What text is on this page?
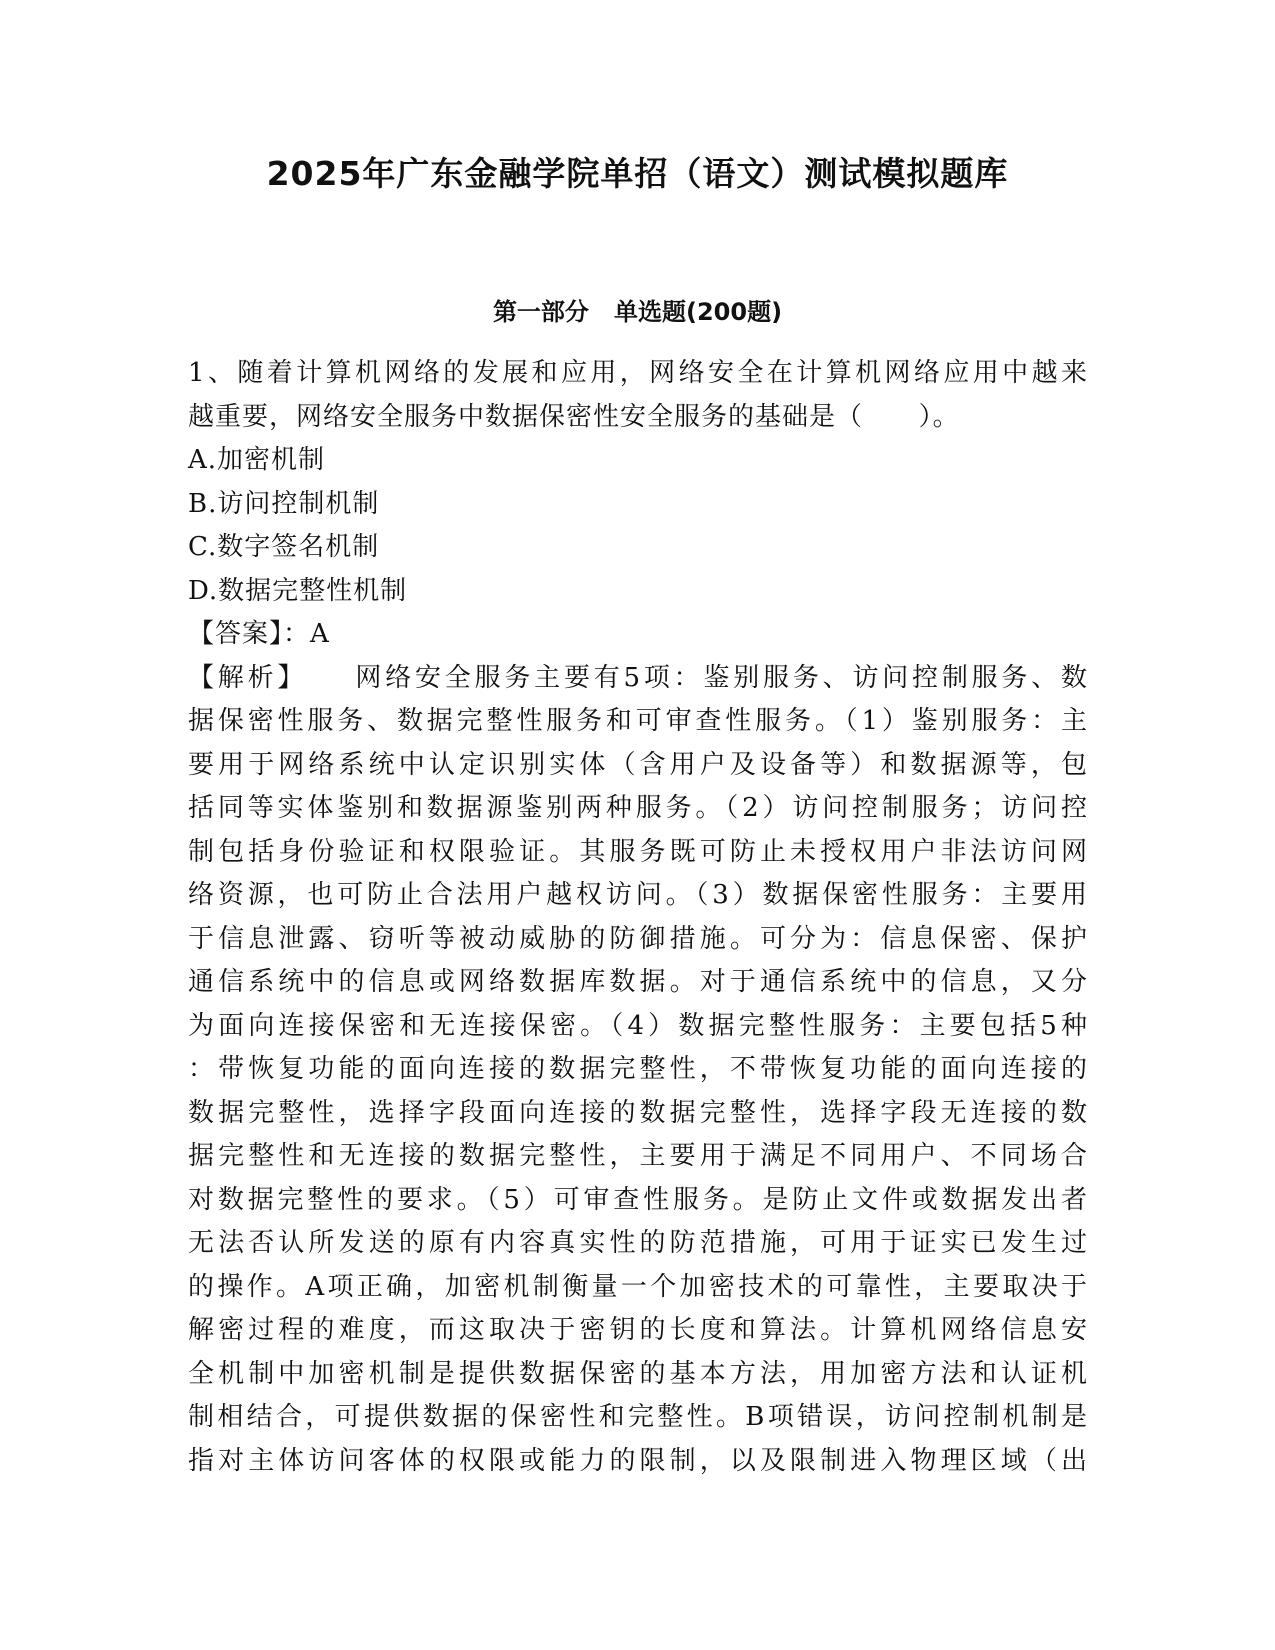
2025年广东金融学院单招（语文）测试模拟题库
第一部分   单选题(200题)
1、随着计算机网络的发展和应用，网络安全在计算机网络应用中越来
越重要，网络安全服务中数据保密性安全服务的基础是（      ）。
A.加密机制
B.访问控制机制
C.数字签名机制
D.数据完整性机制
【答案】：A
【解析】    网络安全服务主要有5项：鉴别服务、访问控制服务、数
据保密性服务、数据完整性服务和可审查性服务。（1）鉴别服务：主
要用于网络系统中认定识别实体（含用户及设备等）和数据源等，包
括同等实体鉴别和数据源鉴别两种服务。（2）访问控制服务；访问控
制包括身份验证和权限验证。其服务既可防止未授权用户非法访问网
络资源，也可防止合法用户越权访问。（3）数据保密性服务：主要用
于信息泄露、窃听等被动威胁的防御措施。可分为：信息保密、保护
通信系统中的信息或网络数据库数据。对于通信系统中的信息，又分
为面向连接保密和无连接保密。（4）数据完整性服务：主要包括5种
：带恢复功能的面向连接的数据完整性，不带恢复功能的面向连接的
数据完整性，选择字段面向连接的数据完整性，选择字段无连接的数
据完整性和无连接的数据完整性，主要用于满足不同用户、不同场合
对数据完整性的要求。（5）可审查性服务。是防止文件或数据发出者
无法否认所发送的原有内容真实性的防范措施，可用于证实已发生过
的操作。A项正确，加密机制衡量一个加密技术的可靠性，主要取决于
解密过程的难度，而这取决于密钥的长度和算法。计算机网络信息安
全机制中加密机制是提供数据保密的基本方法，用加密方法和认证机
制相结合，可提供数据的保密性和完整性。B项错误，访问控制机制是
指对主体访问客体的权限或能力的限制，以及限制进入物理区域（出
